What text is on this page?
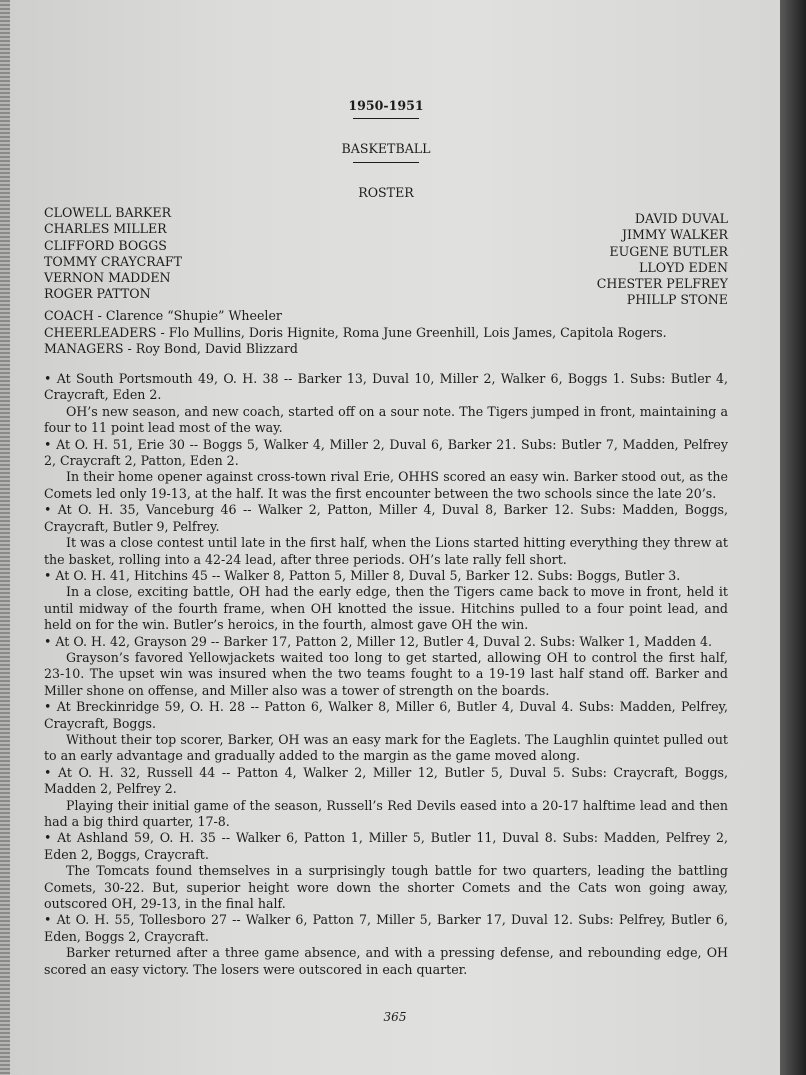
1950-1951
BASKETBALL
ROSTER
CLOWELL BARKER
CHARLES MILLER
CLIFFORD BOGGS
TOMMY CRAYCRAFT
VERNON MADDEN
ROGER PATTON
DAVID DUVAL
JIMMY WALKER
EUGENE BUTLER
LLOYD EDEN
CHESTER PELFREY
PHILLP STONE
COACH - Clarence “Shupie” Wheeler
CHEERLEADERS - Flo Mullins, Doris Hignite, Roma June Greenhill, Lois James, Capitola Rogers.
MANAGERS - Roy Bond, David Blizzard

• At South Portsmouth 49, O. H. 38 -- Barker 13, Duval 10, Miller 2, Walker 6, Boggs 1. Subs: Butler 4, Craycraft, Eden 2.

OH’s new season, and new coach, started off on a sour note. The Tigers jumped in front, maintaining a four to 11 point lead most of the way.

• At O. H. 51, Erie 30 -- Boggs 5, Walker 4, Miller 2, Duval 6, Barker 21. Subs: Butler 7, Madden, Pelfrey 2, Craycraft 2, Patton, Eden 2.

In their home opener against cross-town rival Erie, OHHS scored an easy win. Barker stood out, as the Comets led only 19-13, at the half. It was the first encounter between the two schools since the late 20’s.

• At O. H. 35, Vanceburg 46 -- Walker 2, Patton, Miller 4, Duval 8, Barker 12. Subs: Madden, Boggs, Craycraft, Butler 9, Pelfrey.

It was a close contest until late in the first half, when the Lions started hitting everything they threw at the basket, rolling into a 42-24 lead, after three periods. OH’s late rally fell short.

• At O. H. 41, Hitchins 45 -- Walker 8, Patton 5, Miller 8, Duval 5, Barker 12. Subs: Boggs, Butler 3.

In a close, exciting battle, OH had the early edge, then the Tigers came back to move in front, held it until midway of the fourth frame, when OH knotted the issue. Hitchins pulled to a four point lead, and held on for the win. Butler’s heroics, in the fourth, almost gave OH the win.

• At O. H. 42, Grayson 29 -- Barker 17, Patton 2, Miller 12, Butler 4, Duval 2. Subs: Walker 1, Madden 4.

Grayson’s favored Yellowjackets waited too long to get started, allowing OH to control the first half, 23-10. The upset win was insured when the two teams fought to a 19-19 last half stand off. Barker and Miller shone on offense, and Miller also was a tower of strength on the boards.

• At Breckinridge 59, O. H. 28 -- Patton 6, Walker 8, Miller 6, Butler 4, Duval 4. Subs: Madden, Pelfrey, Craycraft, Boggs.

Without their top scorer, Barker, OH was an easy mark for the Eaglets. The Laughlin quintet pulled out to an early advantage and gradually added to the margin as the game moved along.

• At O. H. 32, Russell 44 -- Patton 4, Walker 2, Miller 12, Butler 5, Duval 5. Subs: Craycraft, Boggs, Madden 2, Pelfrey 2.

Playing their initial game of the season, Russell’s Red Devils eased into a 20-17 halftime lead and then had a big third quarter, 17-8.

• At Ashland 59, O. H. 35 -- Walker 6, Patton 1, Miller 5, Butler 11, Duval 8. Subs: Madden, Pelfrey 2, Eden 2, Boggs, Craycraft.

The Tomcats found themselves in a surprisingly tough battle for two quarters, leading the battling Comets, 30-22. But, superior height wore down the shorter Comets and the Cats won going away, outscored OH, 29-13, in the final half.

• At O. H. 55, Tollesboro 27 -- Walker 6, Patton 7, Miller 5, Barker 17, Duval 12. Subs: Pelfrey, Butler 6, Eden, Boggs 2, Craycraft.

Barker returned after a three game absence, and with a pressing defense, and rebounding edge, OH scored an easy victory. The losers were outscored in each quarter.

365
